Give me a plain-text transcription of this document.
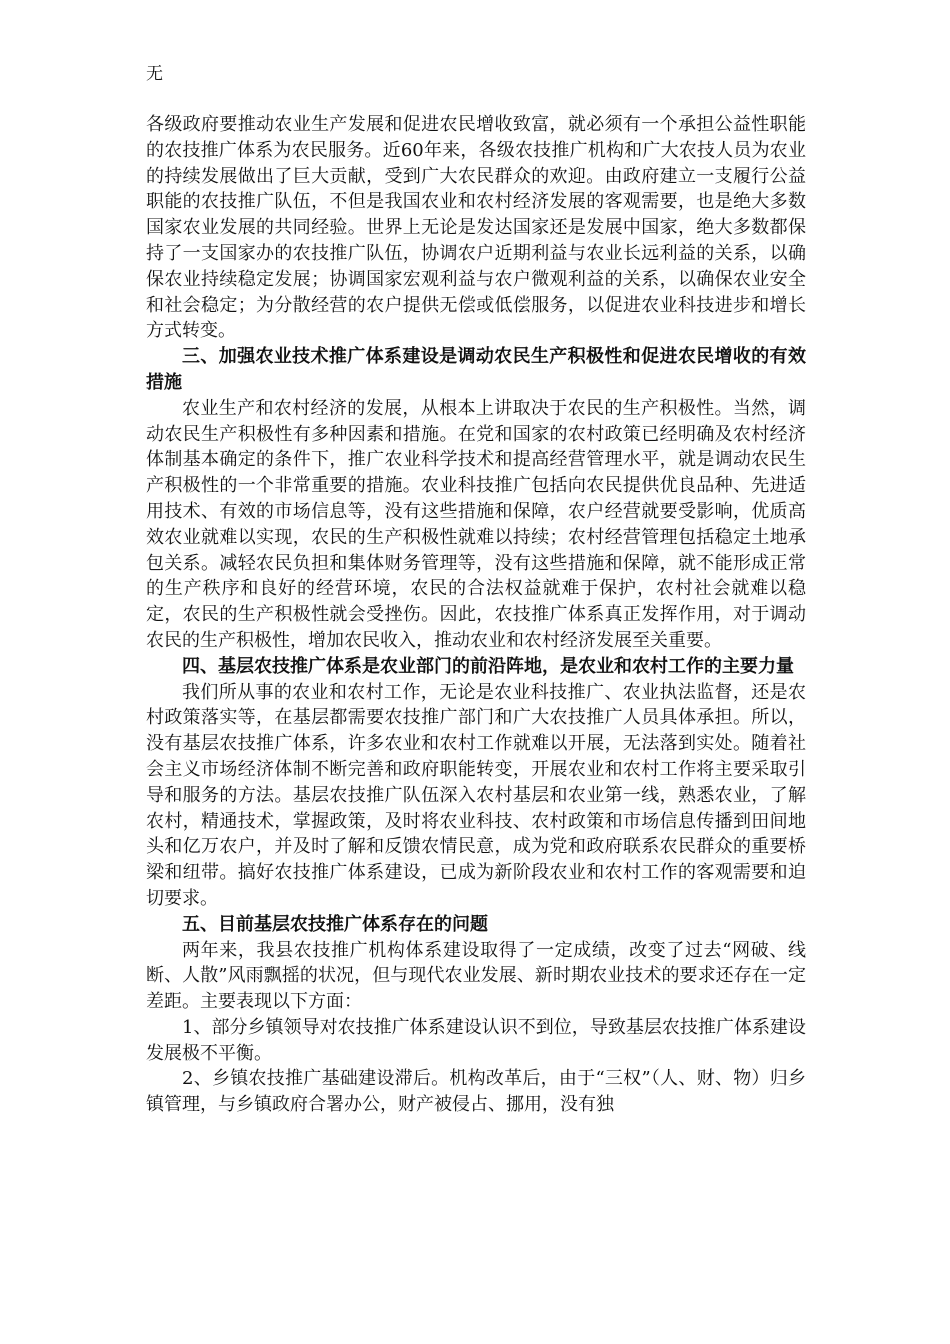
无

各级政府要推动农业生产发展和促进农民增收致富，就必须有一个承担公益性职能的农技推广体系为农民服务。近60年来，各级农技推广机构和广大农技人员为农业的持续发展做出了巨大贡献，受到广大农民群众的欢迎。由政府建立一支履行公益职能的农技推广队伍，不但是我国农业和农村经济发展的客观需要，也是绝大多数国家农业发展的共同经验。世界上无论是发达国家还是发展中国家，绝大多数都保持了一支国家办的农技推广队伍，协调农户近期利益与农业长远利益的关系，以确保农业持续稳定发展；协调国家宏观利益与农户微观利益的关系，以确保农业安全和社会稳定；为分散经营的农户提供无偿或低偿服务，以促进农业科技进步和增长方式转变。

三、加强农业技术推广体系建设是调动农民生产积极性和促进农民增收的有效措施

农业生产和农村经济的发展，从根本上讲取决于农民的生产积极性。当然，调动农民生产积极性有多种因素和措施。在党和国家的农村政策已经明确及农村经济体制基本确定的条件下，推广农业科学技术和提高经营管理水平，就是调动农民生产积极性的一个非常重要的措施。农业科技推广包括向农民提供优良品种、先进适用技术、有效的市场信息等，没有这些措施和保障，农户经营就要受影响，优质高效农业就难以实现，农民的生产积极性就难以持续；农村经营管理包括稳定土地承包关系。减轻农民负担和集体财务管理等，没有这些措施和保障，就不能形成正常的生产秩序和良好的经营环境，农民的合法权益就难于保护，农村社会就难以稳定，农民的生产积极性就会受挫伤。因此，农技推广体系真正发挥作用，对于调动农民的生产积极性，增加农民收入，推动农业和农村经济发展至关重要。

四、基层农技推广体系是农业部门的前沿阵地，是农业和农村工作的主要力量

我们所从事的农业和农村工作，无论是农业科技推广、农业执法监督，还是农村政策落实等，在基层都需要农技推广部门和广大农技推广人员具体承担。所以，没有基层农技推广体系，许多农业和农村工作就难以开展，无法落到实处。随着社会主义市场经济体制不断完善和政府职能转变，开展农业和农村工作将主要采取引导和服务的方法。基层农技推广队伍深入农村基层和农业第一线，熟悉农业，了解农村，精通技术，掌握政策，及时将农业科技、农村政策和市场信息传播到田间地头和亿万农户，并及时了解和反馈农情民意，成为党和政府联系农民群众的重要桥梁和纽带。搞好农技推广体系建设，已成为新阶段农业和农村工作的客观需要和迫切要求。

五、目前基层农技推广体系存在的问题

两年来，我县农技推广机构体系建设取得了一定成绩，改变了过去“网破、线断、人散”风雨飘摇的状况，但与现代农业发展、新时期农业技术的要求还存在一定差距。主要表现以下方面：

1、部分乡镇领导对农技推广体系建设认识不到位，导致基层农技推广体系建设发展极不平衡。

2、乡镇农技推广基础建设滞后。机构改革后，由于“三权”（人、财、物）归乡镇管理，与乡镇政府合署办公，财产被侵占、挪用，没有独
